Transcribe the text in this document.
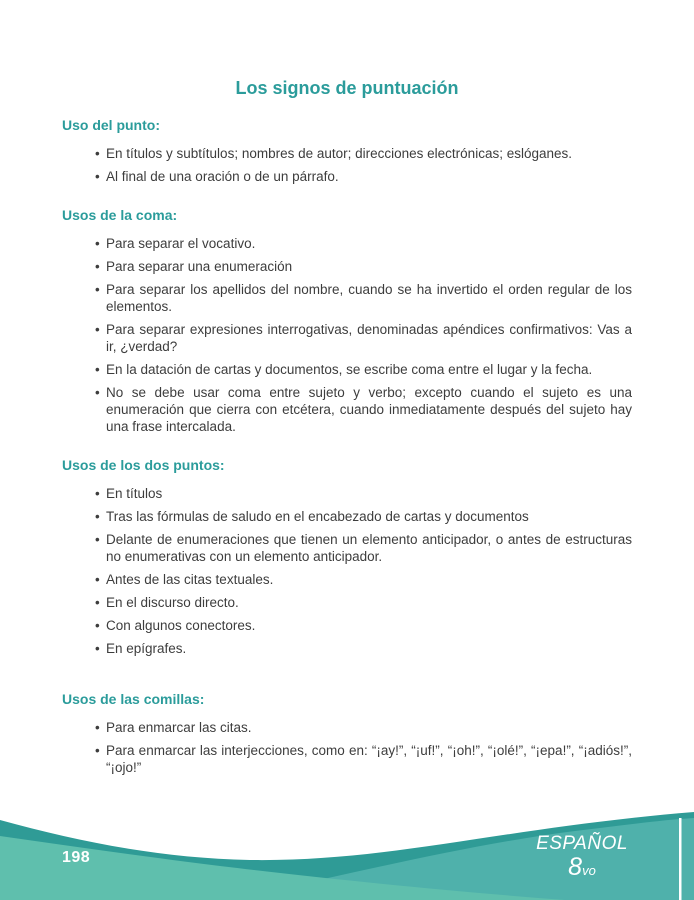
Los signos de puntuación
Uso del punto:
• En títulos y subtítulos; nombres de autor; direcciones electrónicas; eslóganes.
• Al final de una oración o de un párrafo.
Usos de la coma:
• Para separar el vocativo.
• Para separar una enumeración
• Para separar los apellidos del nombre, cuando se ha invertido el orden regular de los elementos.
• Para separar expresiones interrogativas, denominadas apéndices confirmativos: Vas a ir, ¿verdad?
• En la datación de cartas y documentos, se escribe coma entre el lugar y la fecha.
• No se debe usar coma entre sujeto y verbo; excepto cuando el sujeto es una enumeración que cierra con etcétera, cuando inmediatamente después del sujeto hay una frase intercalada.
Usos de los dos puntos:
• En títulos
• Tras las fórmulas de saludo en el encabezado de cartas y documentos
• Delante de enumeraciones que tienen un elemento anticipador, o antes de estructuras no enumerativas con un elemento anticipador.
• Antes de las citas textuales.
• En el discurso directo.
• Con algunos conectores.
• En epígrafes.
Usos de las comillas:
• Para enmarcar las citas.
• Para enmarcar las interjecciones, como en: “¡ay!”, “¡uf!”, “¡oh!”, “¡olé!”, “¡epa!”, “¡adiós!”, “¡ojo!”
198
ESPAÑOL
8vo
